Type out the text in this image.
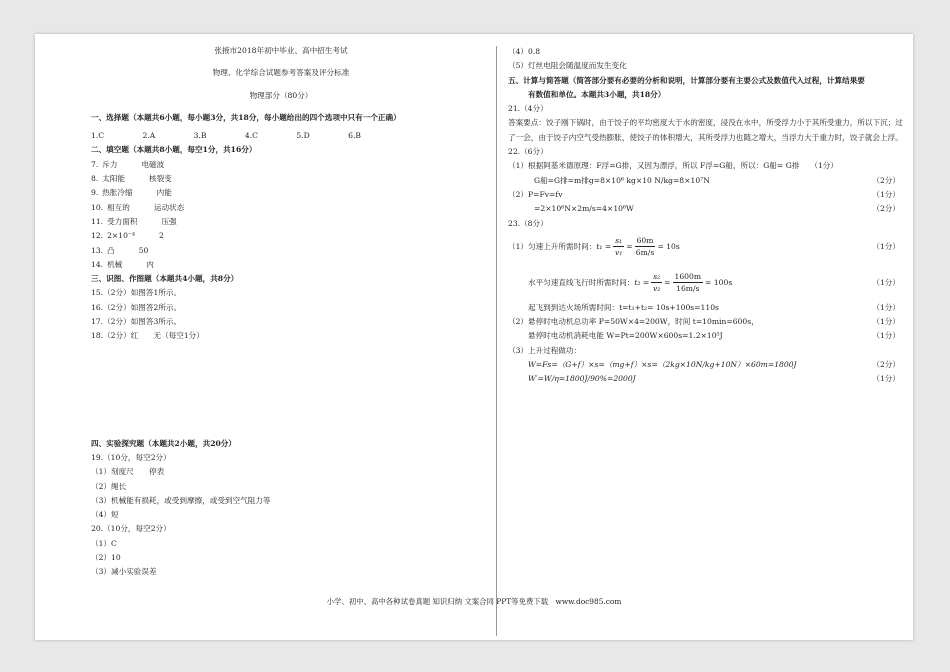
张掖市2018年初中毕业、高中招生考试
物理、化学综合试题参考答案及评分标准
物理部分（80分）
一、选择题（本题共6小题，每小题3分，共18分，每小题给出的四个选项中只有一个正确）
1.C	2.A	3.B	4.C	5.D	6.B
二、填空题（本题共8小题，每空1分，共16分）
7. 斥力	电磁波
8. 太阳能	核裂变
9. 热胀冷缩	内能
10. 相互的	运动状态
11. 受力面积	压强
12. 2×10⁻⁴	2
13. 凸	50
14. 机械	内
三、识图、作图题（本题共4小题，共8分）
15.（2分）如图答1所示。
16.（2分）如图答2所示。
17.（2分）如图答3所示。
18.（2分）红　　无（每空1分）
四、实验探究题（本题共2小题，共20分）
19.（10分，每空2分）
（1）刻度尺　　停表
（2）绳长
（3）机械能有损耗，或受到摩擦，或受到空气阻力等
（4）短
20.（10分，每空2分）
（1）C
（2）10
（3）减小实验误差
（4）0.8
（5）灯丝电阻会随温度而发生变化
五、计算与简答题（简答部分要有必要的分析和说明，计算部分要有主要公式及数值代入过程，计算结果要
有数值和单位。本题共3小题，共18分）
21.（4分）
答案要点：饺子刚下锅时，由于饺子的平均密度大于水的密度，浸没在水中，所受浮力小于其所受重力，所以下沉；过了一会，由于饺子内空气受热膨胀，使饺子的体积增大，其所受浮力也随之增大，当浮力大于重力时，饺子就会上浮。
22.（6分）
（1）根据阿基米德原理：F浮=G排，又因为漂浮，所以 F浮=G船，所以：G船= G排 （1分）
G船=G排=m排g=8×10⁶ kg×10 N/kg=8×10⁷N	（2分）
（2）P=Fv=fv	（1分）
=2×10⁶N×2m/s=4×10⁶W	（2分）
23.（8分）
（1）匀速上升所需时间： $t_1 = \frac{\text{s₁}}{\text{v₁}} = \frac{60m}{6m/s} = 10s$	（1分）
水平匀速直线飞行时所需时间： $t_2 = \frac{\text{s₂}}{\text{v₂}} = \frac{1600m}{16m/s} = 100s$	（1分）
起飞到到达火场所需时间：t=t₁+t₂= 10s+100s=110s	（1分）
（2）悬停时电动机总功率 P=50W×4=200W，时间 t=10min=600s，	（1分）
悬停时电动机消耗电能 W=Pt=200W×600s=1.2×10⁵J	（1分）
（3）上升过程做功：
W=Fs=（G+f）×s=（mg+f）×s=（2kg×10N/kg+10N）×60m=1800J	（2分）
W′=W/η=1800J/90%=2000J	（1分）
小学、初中、高中各种试卷真题 知识归纳 文案合同 PPT等免费下载　www.doc985.com
